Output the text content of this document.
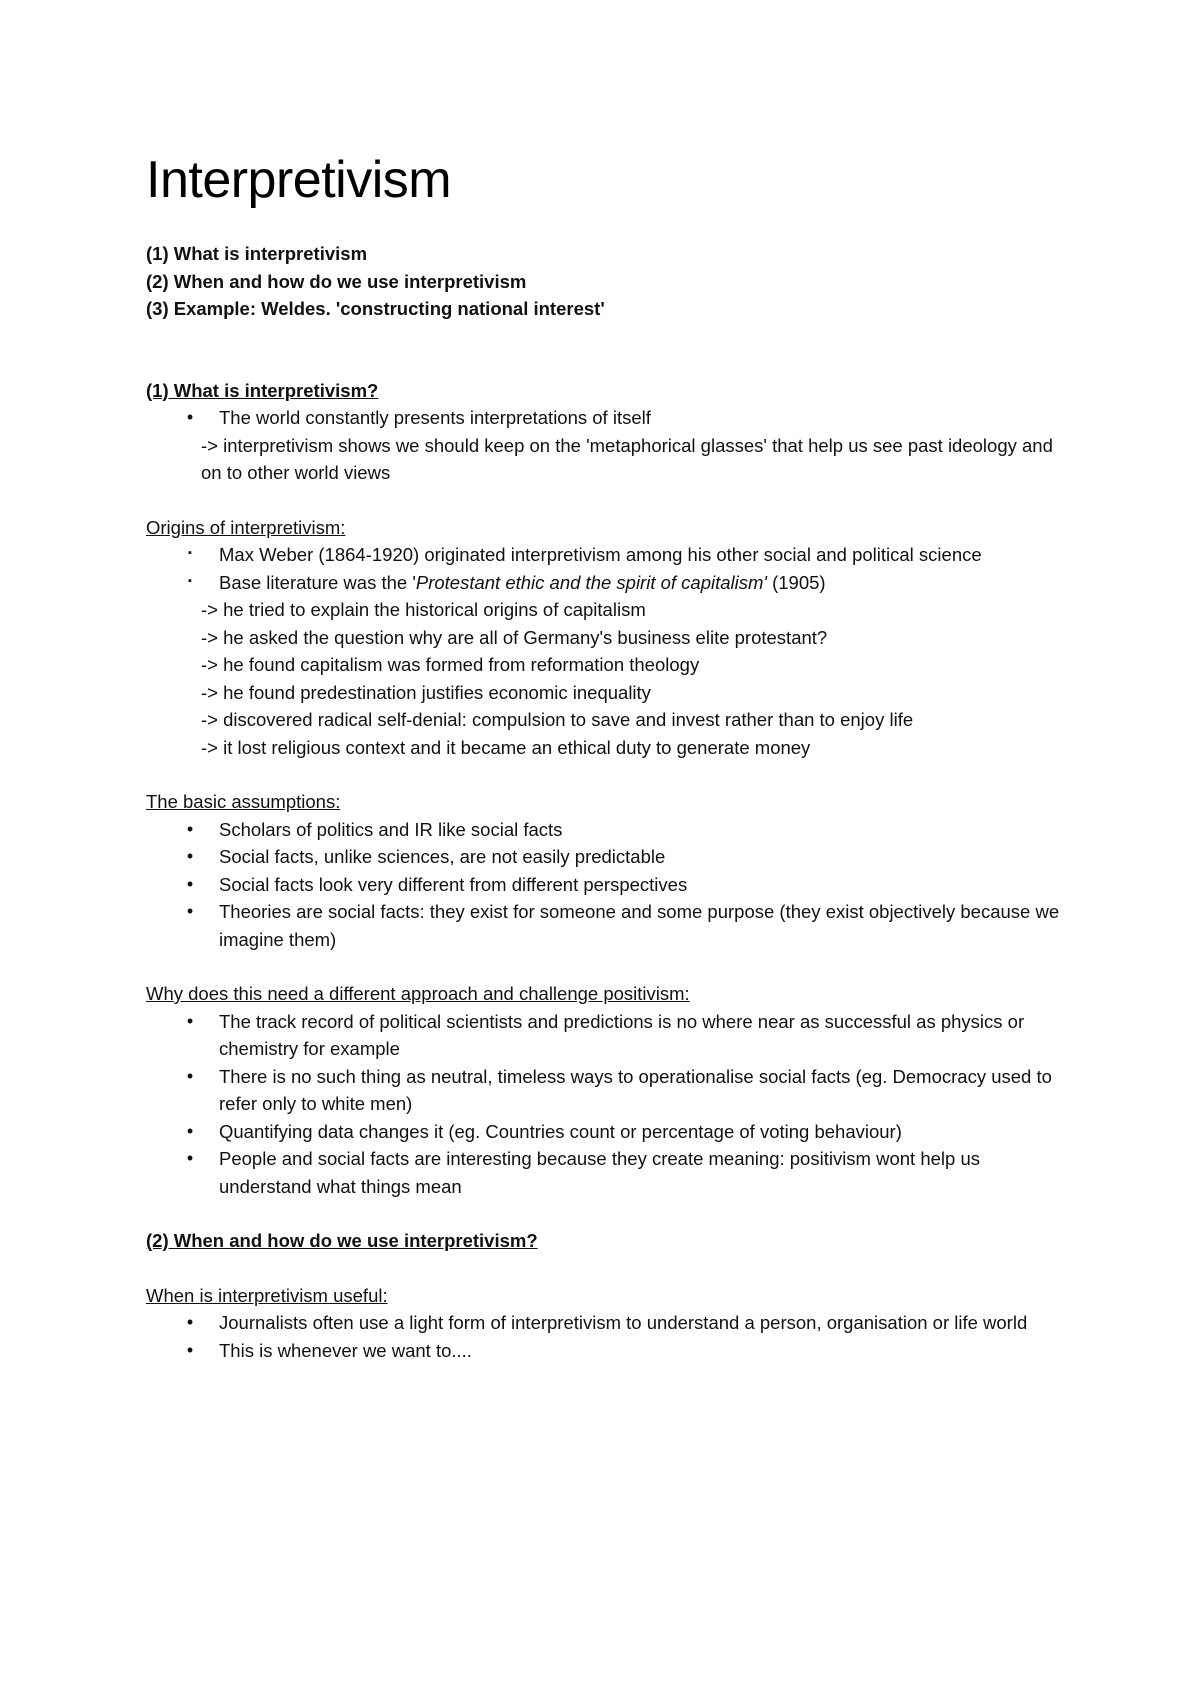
Interpretivism
(1) What is interpretivism
(2) When and how do we use interpretivism
(3) Example: Weldes. 'constructing national interest'
(1) What is interpretivism?
• The world constantly presents interpretations of itself
-> interpretivism shows we should keep on the 'metaphorical glasses' that help us see past ideology and on to other world views
Origins of interpretivism:
▪ Max Weber (1864-1920) originated interpretivism among his other social and political science
▪ Base literature was the 'Protestant ethic and the spirit of capitalism' (1905)
-> he tried to explain the historical origins of capitalism
-> he asked the question why are all of Germany's business elite protestant?
-> he found capitalism was formed from reformation theology
-> he found predestination justifies economic inequality
-> discovered radical self-denial: compulsion to save and invest rather than to enjoy life
-> it lost religious context and it became an ethical duty to generate money
The basic assumptions:
• Scholars of politics and IR like social facts
• Social facts, unlike sciences, are not easily predictable
• Social facts look very different from different perspectives
• Theories are social facts: they exist for someone and some purpose (they exist objectively because we imagine them)
Why does this need a different approach and challenge positivism:
• The track record of political scientists and predictions is no where near as successful as physics or chemistry for example
• There is no such thing as neutral, timeless ways to operationalise social facts (eg. Democracy used to refer only to white men)
• Quantifying data changes it (eg. Countries count or percentage of voting behaviour)
• People and social facts are interesting because they create meaning: positivism wont help us understand what things mean
(2) When and how do we use interpretivism?
When is interpretivism useful:
• Journalists often use a light form of interpretivism to understand a person, organisation or life world
• This is whenever we want to....
